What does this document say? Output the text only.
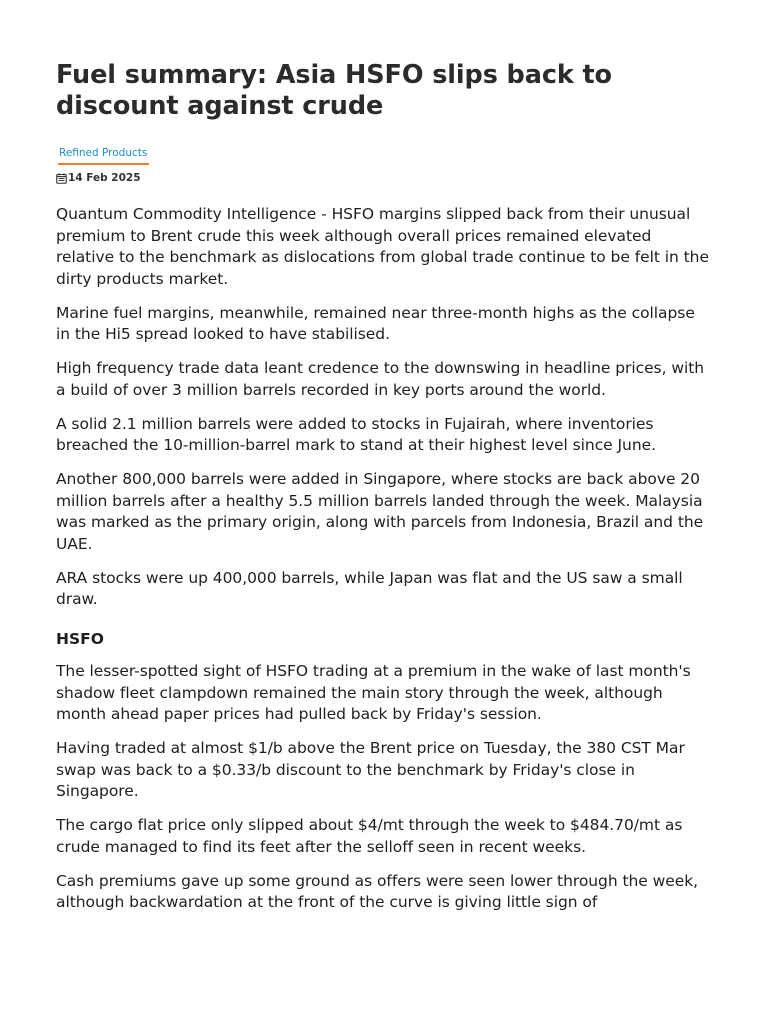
Fuel summary: Asia HSFO slips back to discount against crude
Refined Products
14 Feb 2025

Quantum Commodity Intelligence - HSFO margins slipped back from their unusual premium to Brent crude this week although overall prices remained elevated relative to the benchmark as dislocations from global trade continue to be felt in the dirty products market.

Marine fuel margins, meanwhile, remained near three-month highs as the collapse in the Hi5 spread looked to have stabilised.

High frequency trade data leant credence to the downswing in headline prices, with a build of over 3 million barrels recorded in key ports around the world.

A solid 2.1 million barrels were added to stocks in Fujairah, where inventories breached the 10-million-barrel mark to stand at their highest level since June.

Another 800,000 barrels were added in Singapore, where stocks are back above 20 million barrels after a healthy 5.5 million barrels landed through the week. Malaysia was marked as the primary origin, along with parcels from Indonesia, Brazil and the UAE.

ARA stocks were up 400,000 barrels, while Japan was flat and the US saw a small draw.

HSFO

The lesser-spotted sight of HSFO trading at a premium in the wake of last month's shadow fleet clampdown remained the main story through the week, although month ahead paper prices had pulled back by Friday's session.

Having traded at almost $1/b above the Brent price on Tuesday, the 380 CST Mar swap was back to a $0.33/b discount to the benchmark by Friday's close in Singapore.

The cargo flat price only slipped about $4/mt through the week to $484.70/mt as crude managed to find its feet after the selloff seen in recent weeks.

Cash premiums gave up some ground as offers were seen lower through the week, although backwardation at the front of the curve is giving little sign of
